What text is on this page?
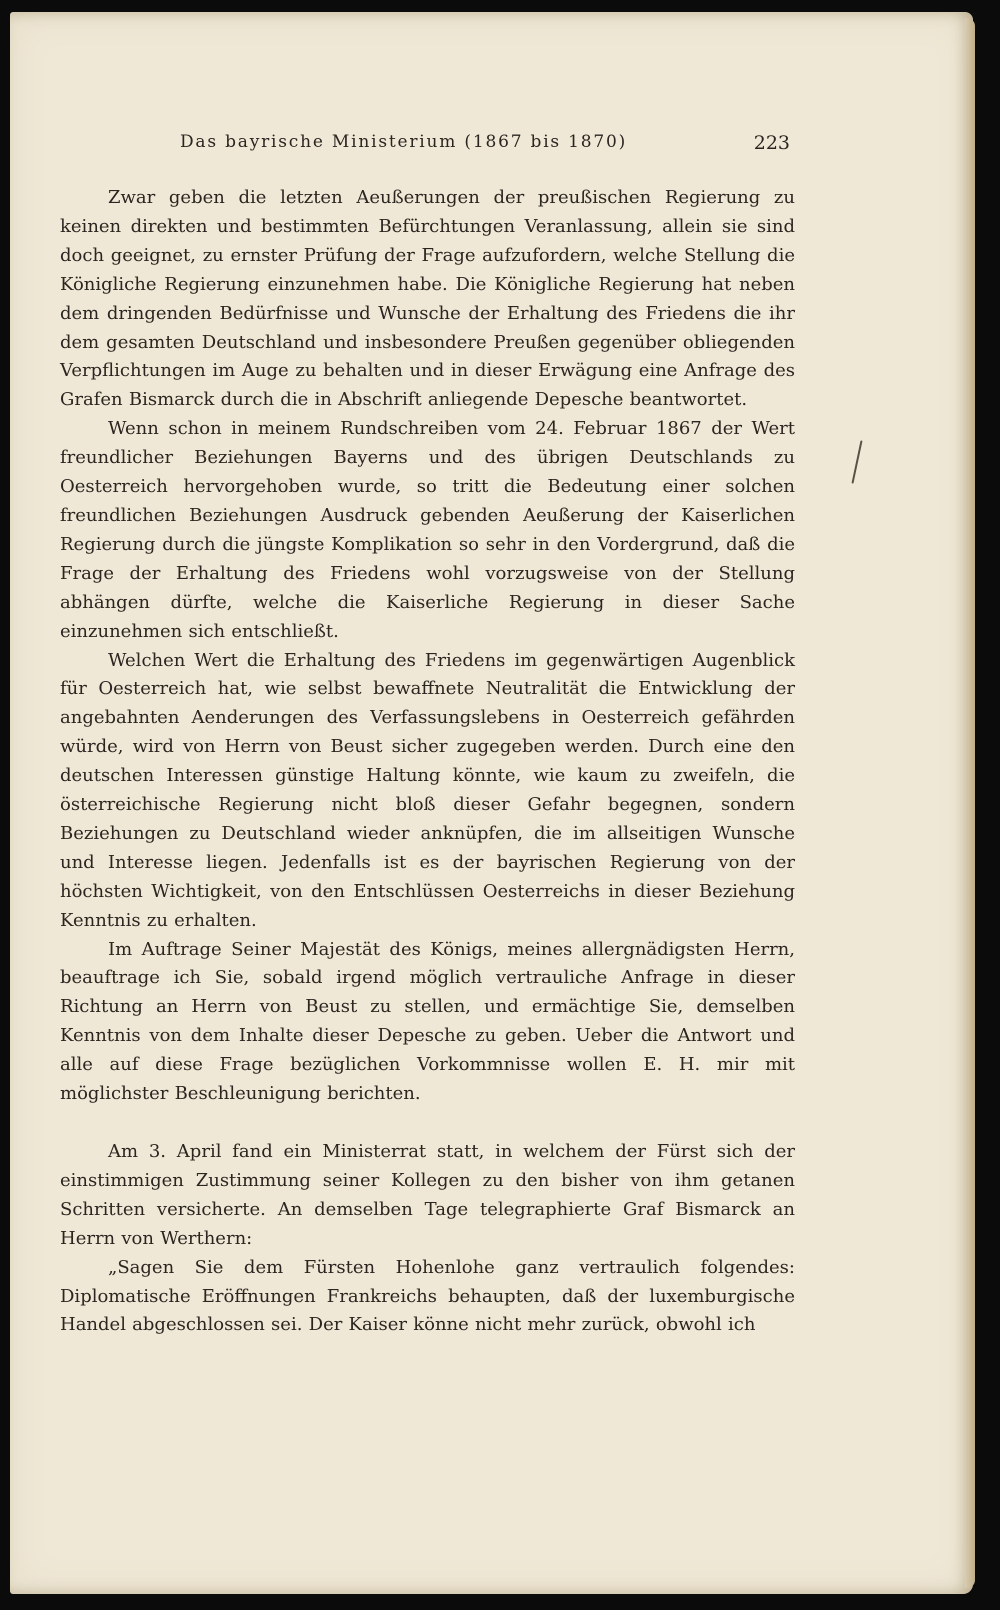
Das bayrische Ministerium (1867 bis 1870)	223

Zwar geben die letzten Aeußerungen der preußischen Regierung zu keinen direkten und bestimmten Befürchtungen Veranlassung, allein sie sind doch geeignet, zu ernster Prüfung der Frage aufzufordern, welche Stellung die Königliche Regierung einzunehmen habe. Die Königliche Regierung hat neben dem dringenden Bedürfnisse und Wunsche der Erhaltung des Friedens die ihr dem gesamten Deutschland und insbesondere Preußen gegenüber obliegenden Verpflichtungen im Auge zu behalten und in dieser Erwägung eine Anfrage des Grafen Bismarck durch die in Abschrift anliegende Depesche beantwortet.

Wenn schon in meinem Rundschreiben vom 24. Februar 1867 der Wert freundlicher Beziehungen Bayerns und des übrigen Deutschlands zu Oesterreich hervorgehoben wurde, so tritt die Bedeutung einer solchen freundlichen Beziehungen Ausdruck gebenden Aeußerung der Kaiserlichen Regierung durch die jüngste Komplikation so sehr in den Vordergrund, daß die Frage der Erhaltung des Friedens wohl vorzugsweise von der Stellung abhängen dürfte, welche die Kaiserliche Regierung in dieser Sache einzunehmen sich entschließt.

Welchen Wert die Erhaltung des Friedens im gegenwärtigen Augenblick für Oesterreich hat, wie selbst bewaffnete Neutralität die Entwicklung der angebahnten Aenderungen des Verfassungslebens in Oesterreich gefährden würde, wird von Herrn von Beust sicher zugegeben werden. Durch eine den deutschen Interessen günstige Haltung könnte, wie kaum zu zweifeln, die österreichische Regierung nicht bloß dieser Gefahr begegnen, sondern Beziehungen zu Deutschland wieder anknüpfen, die im allseitigen Wunsche und Interesse liegen. Jedenfalls ist es der bayrischen Regierung von der höchsten Wichtigkeit, von den Entschlüssen Oesterreichs in dieser Beziehung Kenntnis zu erhalten.

Im Auftrage Seiner Majestät des Königs, meines allergnädigsten Herrn, beauftrage ich Sie, sobald irgend möglich vertrauliche Anfrage in dieser Richtung an Herrn von Beust zu stellen, und ermächtige Sie, demselben Kenntnis von dem Inhalte dieser Depesche zu geben. Ueber die Antwort und alle auf diese Frage bezüglichen Vorkommnisse wollen E. H. mir mit möglichster Beschleunigung berichten.

Am 3. April fand ein Ministerrat statt, in welchem der Fürst sich der einstimmigen Zustimmung seiner Kollegen zu den bisher von ihm getanen Schritten versicherte. An demselben Tage telegraphierte Graf Bismarck an Herrn von Werthern:

„Sagen Sie dem Fürsten Hohenlohe ganz vertraulich folgendes: Diplomatische Eröffnungen Frankreichs behaupten, daß der luxemburgische Handel abgeschlossen sei. Der Kaiser könne nicht mehr zurück, obwohl ich
